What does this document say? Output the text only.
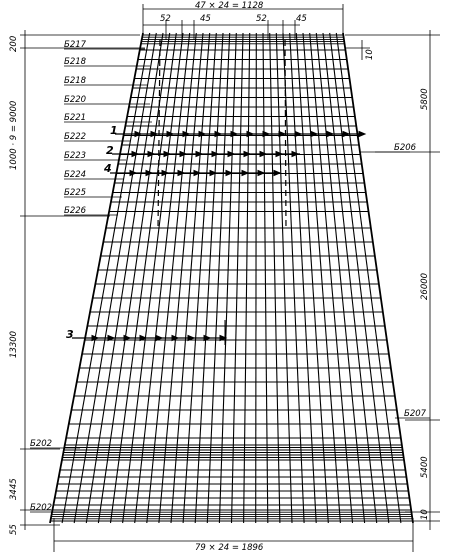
47 × 24 = 1128
52	45	52	45
200
1000 · 9 = 9000
13300
3445
55
10
5800
26000
5400
10
79 × 24 = 1896
Б217
Б218
Б218
Б220
Б221
Б222
Б223
Б224
Б225
Б226
Б202
Б202
Б206
Б207
1
2
4
3
